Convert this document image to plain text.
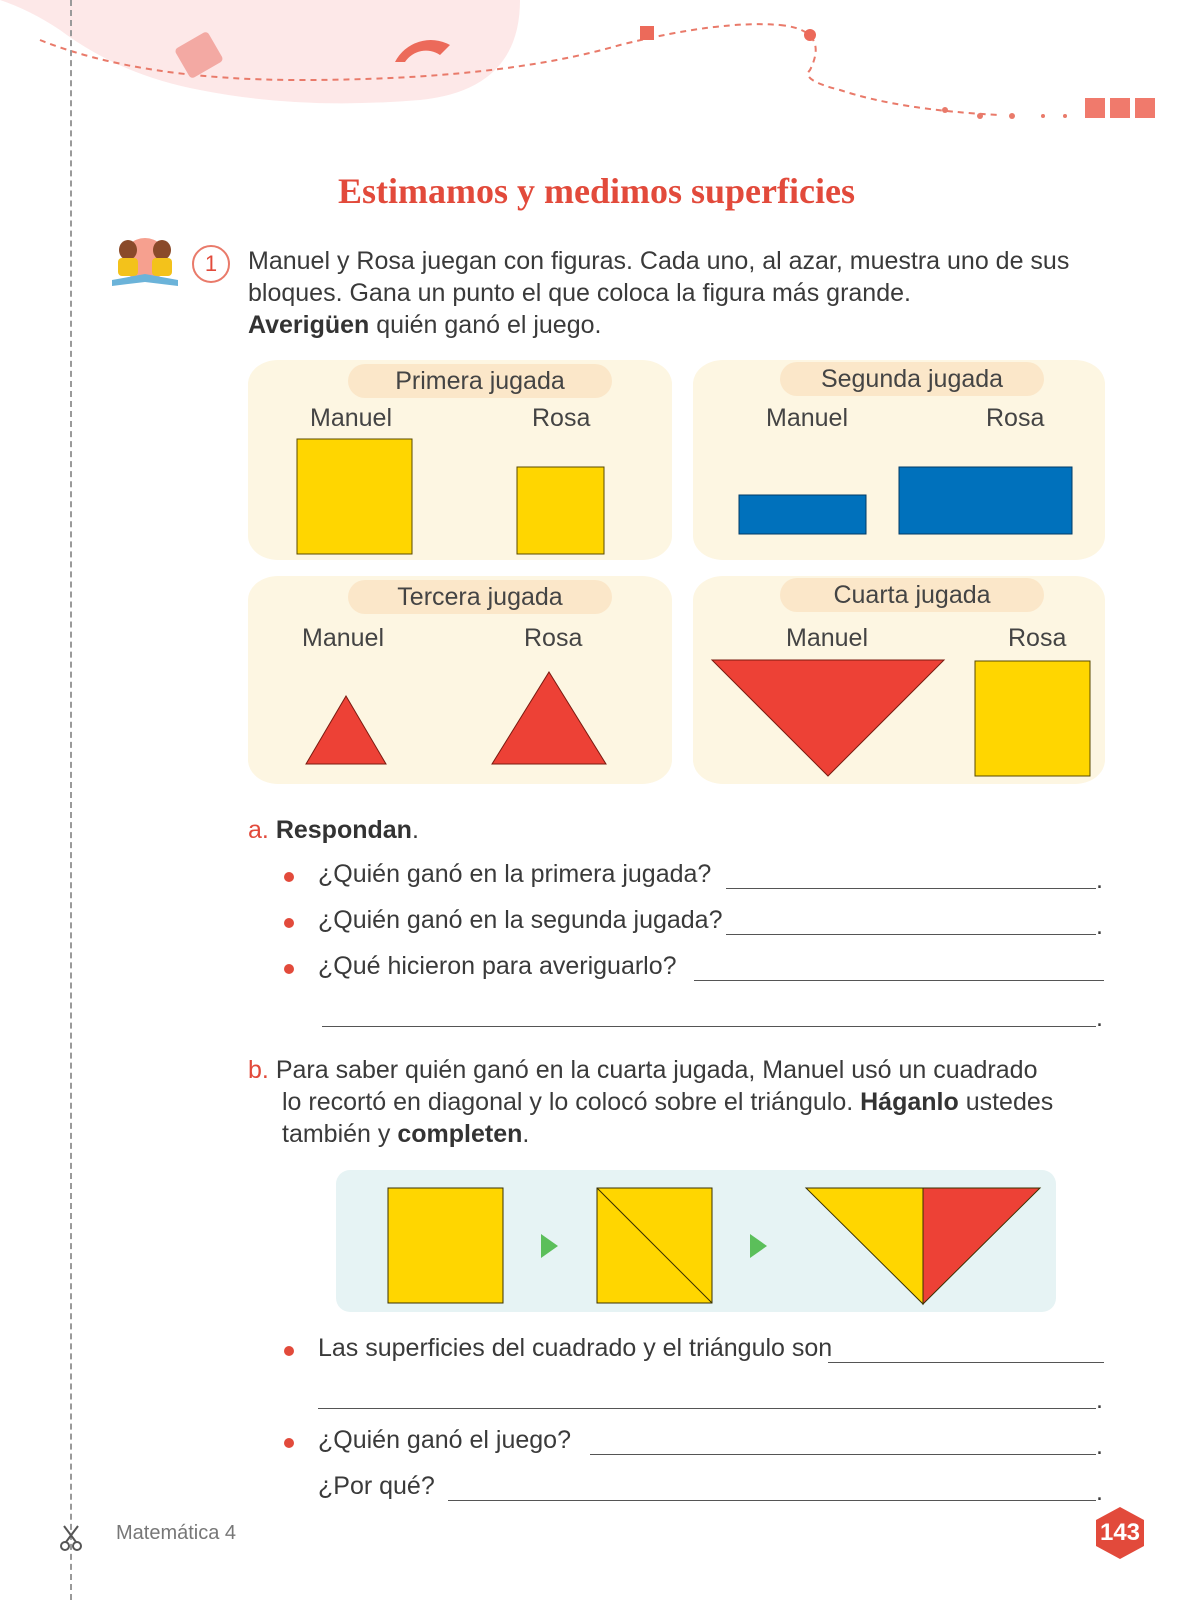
Estimamos y medimos superficies
1	Manuel y Rosa juegan con figuras. Cada uno, al azar, muestra uno de sus

bloques. Gana un punto el que coloca la figura más grande.

Averigüen quién ganó el juego.

Primera jugada
Manuel	Rosa
Segunda jugada
Manuel	Rosa
Tercera jugada
Manuel	Rosa
Cuarta jugada
Manuel	Rosa
a. Respondan.
¿Quién ganó en la primera jugada?	.
¿Quién ganó en la segunda jugada?	.
¿Qué hicieron para averiguarlo?
.
b. Para saber quién ganó en la cuarta jugada, Manuel usó un cuadrado
lo recortó en diagonal y lo colocó sobre el triángulo. Háganlo ustedes
también y completen.
Las superficies del cuadrado y el triángulo son
.
¿Quién ganó el juego?	.
¿Por qué?	.
Matemática 4	143
